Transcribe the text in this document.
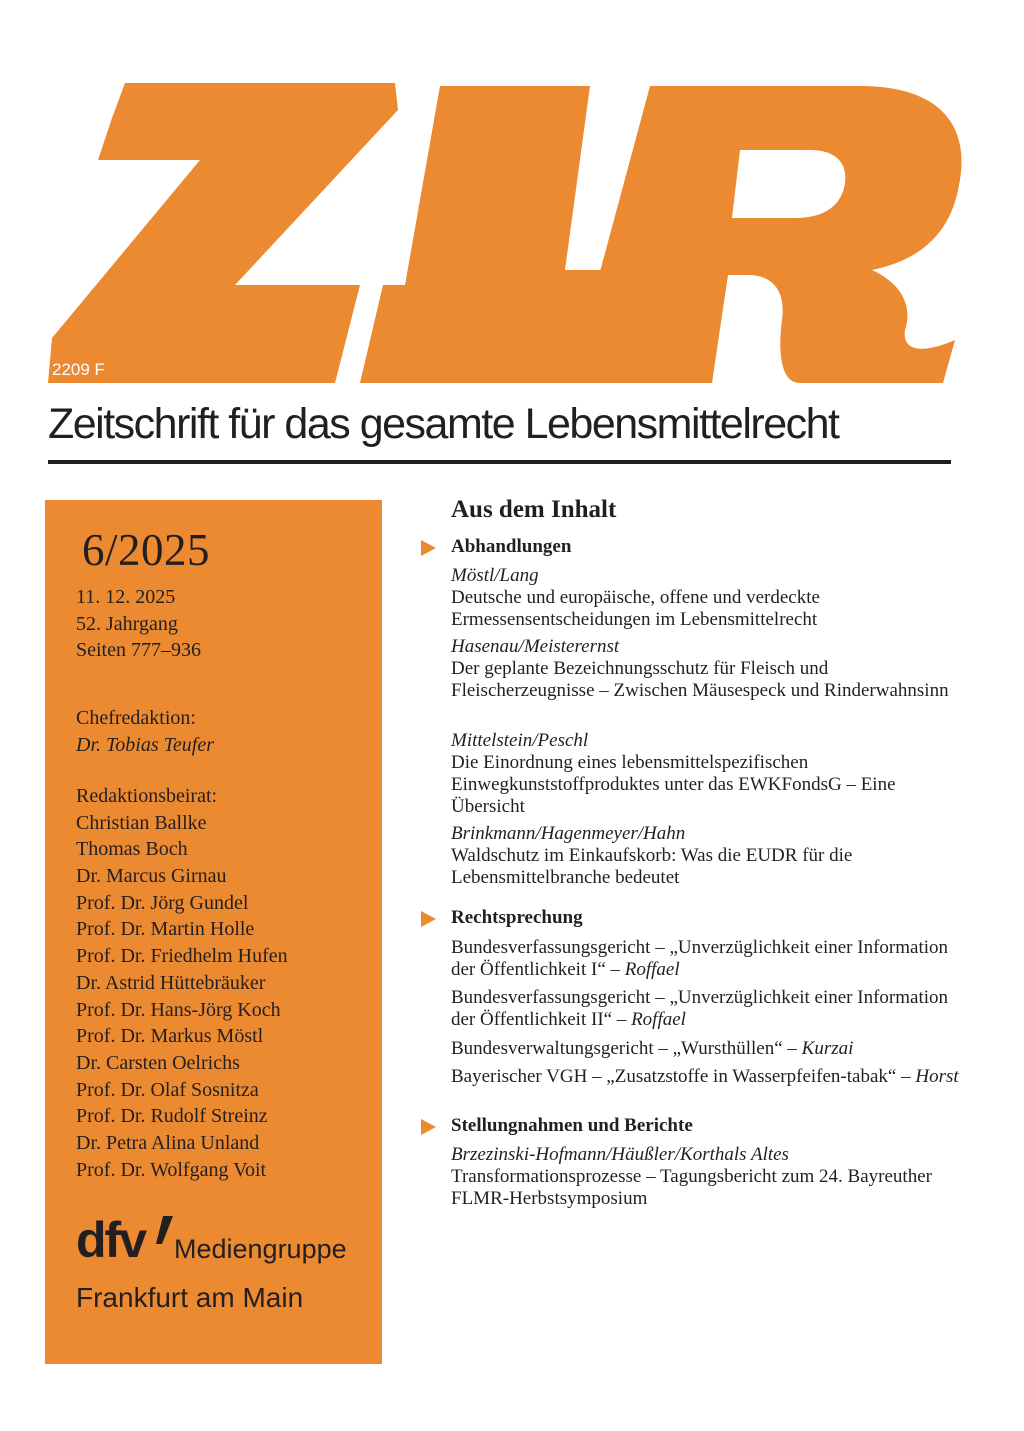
2209 F
Zeitschrift für das gesamte Lebensmittelrecht
6/2025
11. 12. 2025
52. Jahrgang
Seiten 777–936
Chefredaktion:
Dr. Tobias Teufer
Redaktionsbeirat:
Christian Ballke
Thomas Boch
Dr. Marcus Girnau
Prof. Dr. Jörg Gundel
Prof. Dr. Martin Holle
Prof. Dr. Friedhelm Hufen
Dr. Astrid Hüttebräuker
Prof. Dr. Hans-Jörg Koch
Prof. Dr. Markus Möstl
Dr. Carsten Oelrichs
Prof. Dr. Olaf Sosnitza
Prof. Dr. Rudolf Streinz
Dr. Petra Alina Unland
Prof. Dr. Wolfgang Voit
dfv Mediengruppe
Frankfurt am Main
Aus dem Inhalt
Abhandlungen
Möstl/Lang
Deutsche und europäische, offene und verdeckte Ermessensentscheidungen im Lebensmittelrecht
Hasenau/Meisterernst
Der geplante Bezeichnungsschutz für Fleisch und Fleischerzeugnisse – Zwischen Mäusespeck und Rinderwahnsinn
Mittelstein/Peschl
Die Einordnung eines lebensmittelspezifischen Einwegkunststoffproduktes unter das EWKFondsG – Eine Übersicht
Brinkmann/Hagenmeyer/Hahn
Waldschutz im Einkaufskorb: Was die EUDR für die Lebensmittelbranche bedeutet
Rechtsprechung
Bundesverfassungsgericht – „Unverzüglichkeit einer Information der Öffentlichkeit I“ – Roffael
Bundesverfassungsgericht – „Unverzüglichkeit einer Information der Öffentlichkeit II“ – Roffael
Bundesverwaltungsgericht – „Wursthüllen“ – Kurzai
Bayerischer VGH – „Zusatzstoffe in Wasserpfeifen-tabak“ – Horst
Stellungnahmen und Berichte
Brzezinski-Hofmann/Häußler/Korthals Altes
Transformationsprozesse – Tagungsbericht zum 24. Bayreuther FLMR-Herbstsymposium
